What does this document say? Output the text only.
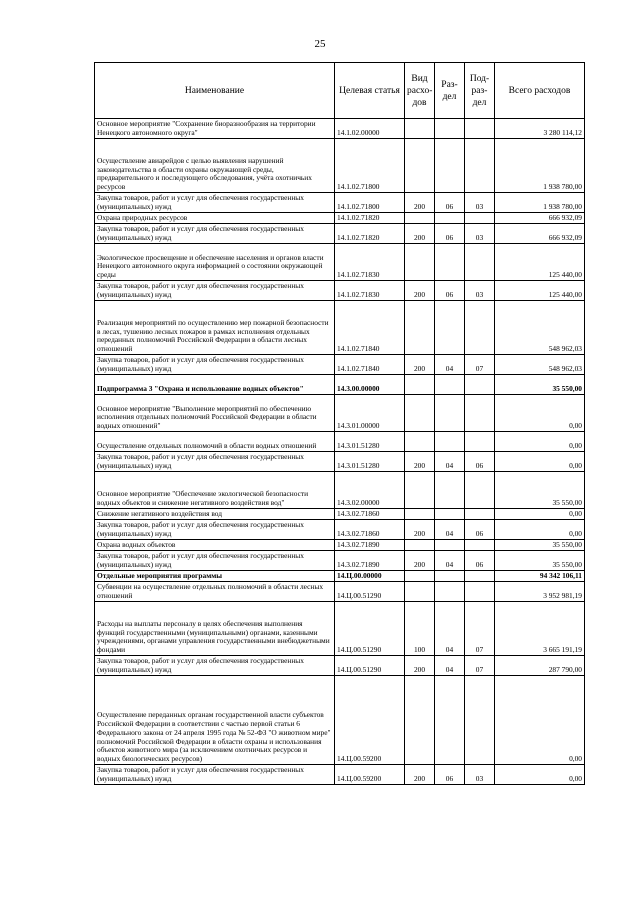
25
Наименование	Целевая статья	Вид расхо-дов	Раз-дел	Под-раз-дел	Всего расходов
Основное мероприятие "Сохранение биоразнообразия на территории Ненецкого автономного округа"	14.1.02.00000				3 280 114,12
Осуществление авиарейдов с целью выявления нарушений законодательства в области охраны окружающей среды, предварительного и последующего обследования, учёта охотничьих ресурсов	14.1.02.71800				1 938 780,00
Закупка товаров, работ и услуг для обеспечения государственных (муниципальных) нужд	14.1.02.71800	200	06	03	1 938 780,00
Охрана природных ресурсов	14.1.02.71820				666 932,09
Закупка товаров, работ и услуг для обеспечения государственных (муниципальных) нужд	14.1.02.71820	200	06	03	666 932,09
Экологическое просвещение и обеспечение населения и органов власти Ненецкого автономного округа информацией о состоянии окружающей среды	14.1.02.71830				125 440,00
Закупка товаров, работ и услуг для обеспечения государственных (муниципальных) нужд	14.1.02.71830	200	06	03	125 440,00
Реализация мероприятий по осуществлению мер пожарной безопасности в лесах, тушению лесных пожаров в рамках исполнения отдельных переданных полномочий Российской Федерации в области лесных отношений	14.1.02.71840				548 962,03
Закупка товаров, работ и услуг для обеспечения государственных (муниципальных) нужд	14.1.02.71840	200	04	07	548 962,03
Подпрограмма 3 "Охрана и использование водных объектов"	14.3.00.00000				35 550,00
Основное мероприятие "Выполнение мероприятий по обеспечению исполнения отдельных полномочий Российской Федерации в области водных отношений"	14.3.01.00000				0,00
Осуществление отдельных полномочий в области водных отношений	14.3.01.51280				0,00
Закупка товаров, работ и услуг для обеспечения государственных (муниципальных) нужд	14.3.01.51280	200	04	06	0,00
Основное мероприятие "Обеспечение экологической безопасности водных объектов и снижение негативного воздействия вод"	14.3.02.00000				35 550,00
Снижение негативного воздействия вод	14.3.02.71860				0,00
Закупка товаров, работ и услуг для обеспечения государственных (муниципальных) нужд	14.3.02.71860	200	04	06	0,00
Охрана водных объектов	14.3.02.71890				35 550,00
Закупка товаров, работ и услуг для обеспечения государственных (муниципальных) нужд	14.3.02.71890	200	04	06	35 550,00
Отдельные мероприятия программы	14.Ц.00.00000				94 342 106,11
Субвенции на осуществление отдельных полномочий в области лесных отношений	14.Ц.00.51290				3 952 981,19
Расходы на выплаты персоналу в целях обеспечения выполнения функций государственными (муниципальными) органами, казенными учреждениями, органами управления государственными внебюджетными фондами	14.Ц.00.51290	100	04	07	3 665 191,19
Закупка товаров, работ и услуг для обеспечения государственных (муниципальных) нужд	14.Ц.00.51290	200	04	07	287 790,00
Осуществление переданных органам государственной власти субъектов Российской Федерации в соответствии с частью первой статьи 6 Федерального закона от 24 апреля 1995 года № 52-ФЗ "О животном мире" полномочий Российской Федерации в области охраны и использования объектов животного мира (за исключением охотничьих ресурсов и водных биологических ресурсов)	14.Ц.00.59200				0,00
Закупка товаров, работ и услуг для обеспечения государственных (муниципальных) нужд	14.Ц.00.59200	200	06	03	0,00
